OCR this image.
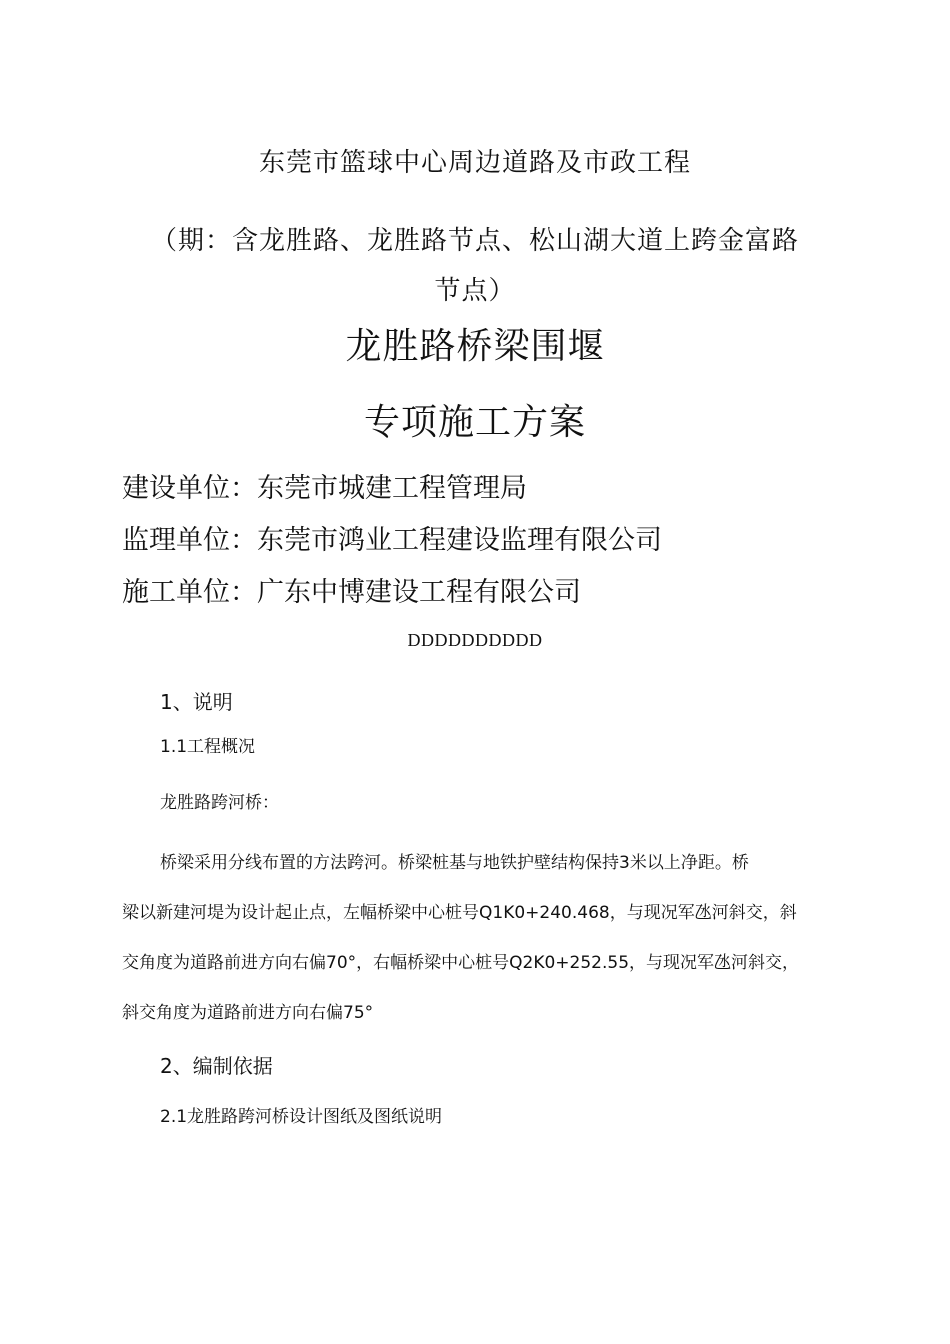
东莞市篮球中心周边道路及市政工程
（期：含龙胜路、龙胜路节点、松山湖大道上跨金富路
节点）
龙胜路桥梁围堰
专项施工方案
建设单位：东莞市城建工程管理局
监理单位：东莞市鸿业工程建设监理有限公司
施工单位：广东中博建设工程有限公司
DDDDDDDDDD
1、说明
1.1工程概况
龙胜路跨河桥：
桥梁采用分线布置的方法跨河。桥梁桩基与地铁护壁结构保持3米以上净距。桥
梁以新建河堤为设计起止点，左幅桥梁中心桩号Q1K0+240.468，与现况军氹河斜交，斜
交角度为道路前进方向右偏70°，右幅桥梁中心桩号Q2K0+252.55，与现况军氹河斜交，
斜交角度为道路前进方向右偏75°
2、编制依据
2.1龙胜路跨河桥设计图纸及图纸说明
